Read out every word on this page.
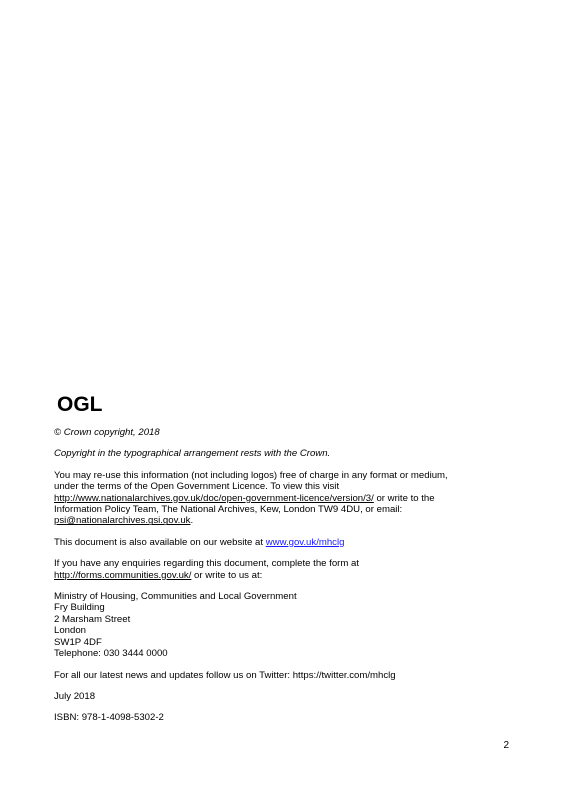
OGL

© Crown copyright, 2018

Copyright in the typographical arrangement rests with the Crown.

You may re-use this information (not including logos) free of charge in any format or medium,
under the terms of the Open Government Licence. To view this visit
http://www.nationalarchives.gov.uk/doc/open-government-licence/version/3/ or write to the
Information Policy Team, The National Archives, Kew, London TW9 4DU, or email:
psi@nationalarchives.gsi.gov.uk.

This document is also available on our website at www.gov.uk/mhclg

If you have any enquiries regarding this document, complete the form at
http://forms.communities.gov.uk/ or write to us at:

Ministry of Housing, Communities and Local Government
Fry Building
2 Marsham Street
London
SW1P 4DF
Telephone: 030 3444 0000

For all our latest news and updates follow us on Twitter: https://twitter.com/mhclg

July 2018

ISBN: 978-1-4098-5302-2

2
